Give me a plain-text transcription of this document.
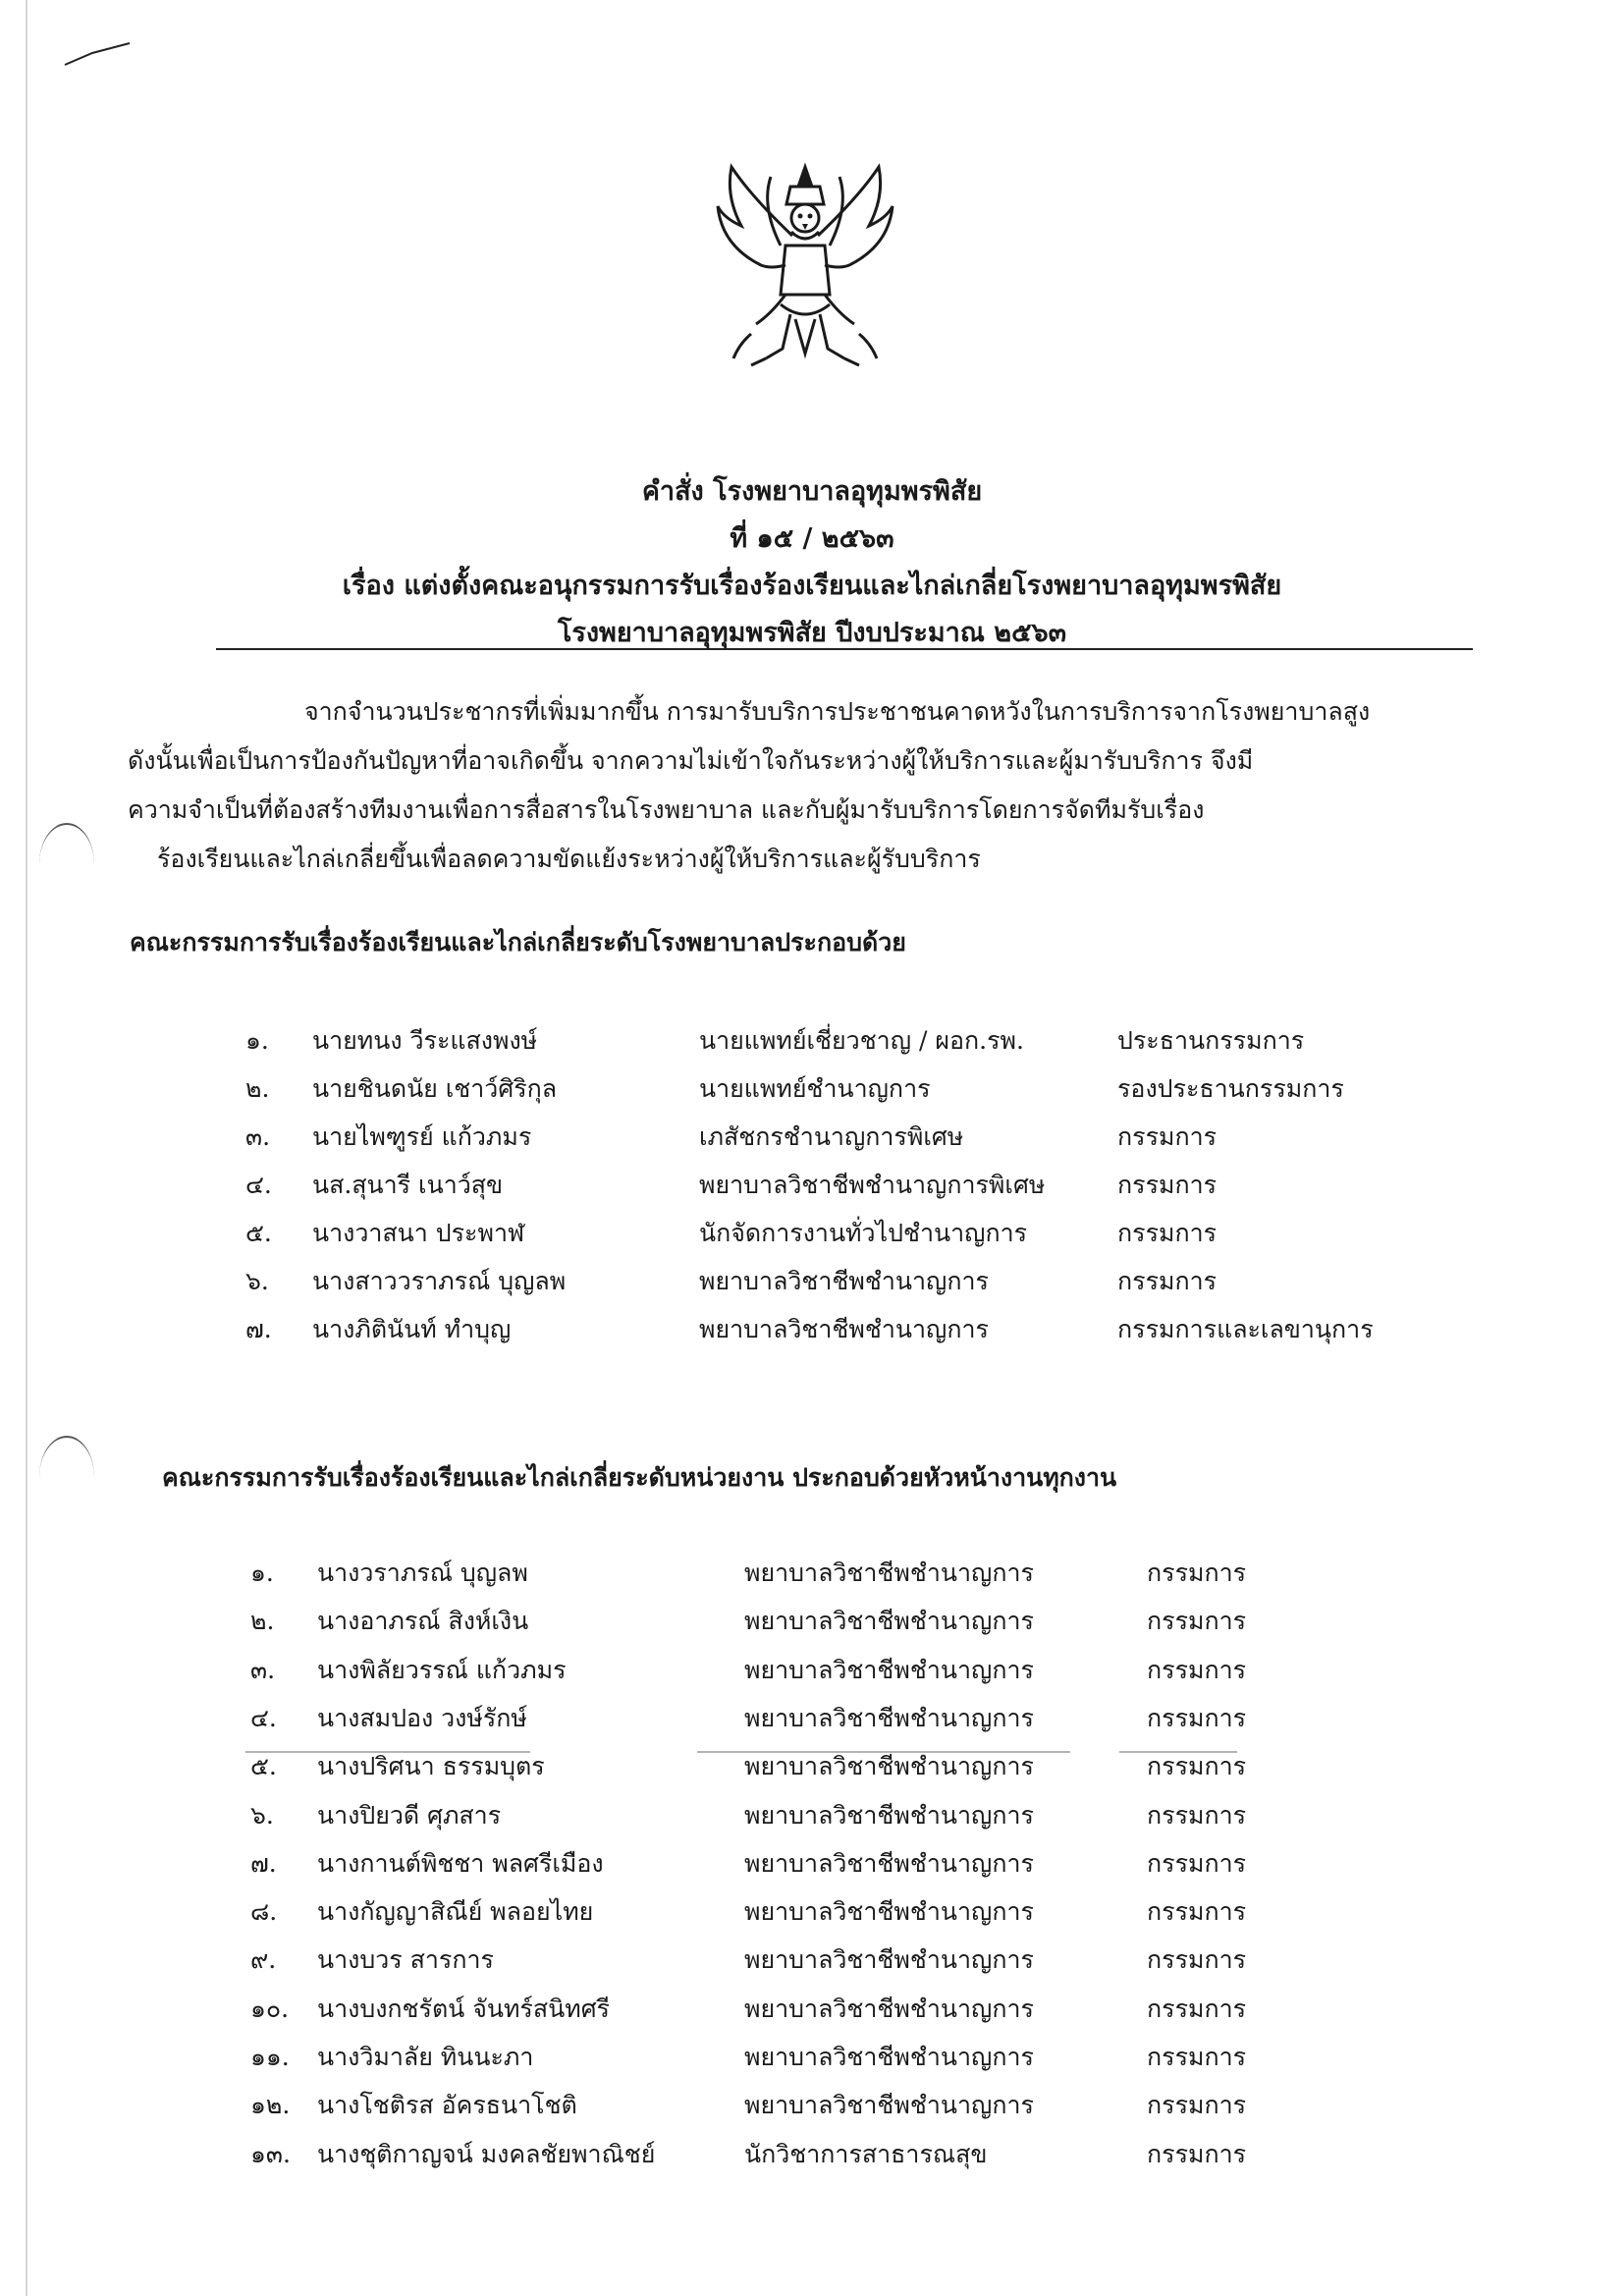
คำสั่ง โรงพยาบาลอุทุมพรพิสัย
ที่ ๑๕ / ๒๕๖๓
เรื่อง แต่งตั้งคณะอนุกรรมการรับเรื่องร้องเรียนและไกล่เกลี่ยโรงพยาบาลอุทุมพรพิสัย
โรงพยาบาลอุทุมพรพิสัย ปีงบประมาณ ๒๕๖๓
จากจำนวนประชากรที่เพิ่มมากขึ้น การมารับบริการประชาชนคาดหวังในการบริการจากโรงพยาบาลสูง
ดังนั้นเพื่อเป็นการป้องกันปัญหาที่อาจเกิดขึ้น จากความไม่เข้าใจกันระหว่างผู้ให้บริการและผู้มารับบริการ จึงมี
ความจำเป็นที่ต้องสร้างทีมงานเพื่อการสื่อสารในโรงพยาบาล และกับผู้มารับบริการโดยการจัดทีมรับเรื่อง
ร้องเรียนและไกล่เกลี่ยขึ้นเพื่อลดความขัดแย้งระหว่างผู้ให้บริการและผู้รับบริการ
คณะกรรมการรับเรื่องร้องเรียนและไกล่เกลี่ยระดับโรงพยาบาลประกอบด้วย
๑. นายทนง วีระแสงพงษ์	นายแพทย์เชี่ยวชาญ / ผอก.รพ.	ประธานกรรมการ
๒. นายชินดนัย เชาว์ศิริกุล	นายแพทย์ชำนาญการ	รองประธานกรรมการ
๓. นายไพฑูรย์ แก้วภมร	เภสัชกรชำนาญการพิเศษ	กรรมการ
๔. นส.สุนารี เนาว์สุข	พยาบาลวิชาชีพชำนาญการพิเศษ	กรรมการ
๕. นางวาสนา ประพาฬ	นักจัดการงานทั่วไปชำนาญการ	กรรมการ
๖. นางสาววราภรณ์ บุญลพ	พยาบาลวิชาชีพชำนาญการ	กรรมการ
๗. นางภิตินันท์ ทำบุญ	พยาบาลวิชาชีพชำนาญการ	กรรมการและเลขานุการ
คณะกรรมการรับเรื่องร้องเรียนและไกล่เกลี่ยระดับหน่วยงาน ประกอบด้วยหัวหน้างานทุกงาน
๑. นางวราภรณ์ บุญลพ	พยาบาลวิชาชีพชำนาญการ	กรรมการ
๒. นางอาภรณ์ สิงห์เงิน	พยาบาลวิชาชีพชำนาญการ	กรรมการ
๓. นางพิลัยวรรณ์ แก้วภมร	พยาบาลวิชาชีพชำนาญการ	กรรมการ
๔. นางสมปอง วงษ์รักษ์	พยาบาลวิชาชีพชำนาญการ	กรรมการ
๕. นางปริศนา ธรรมบุตร	พยาบาลวิชาชีพชำนาญการ	กรรมการ
๖. นางปิยวดี ศุภสาร	พยาบาลวิชาชีพชำนาญการ	กรรมการ
๗. นางกานต์พิชชา พลศรีเมือง	พยาบาลวิชาชีพชำนาญการ	กรรมการ
๘. นางกัญญาสิณีย์ พลอยไทย	พยาบาลวิชาชีพชำนาญการ	กรรมการ
๙. นางบวร สารการ	พยาบาลวิชาชีพชำนาญการ	กรรมการ
๑๐. นางบงกชรัตน์ จันทร์สนิทศรี	พยาบาลวิชาชีพชำนาญการ	กรรมการ
๑๑. นางวิมาลัย ทินนะภา	พยาบาลวิชาชีพชำนาญการ	กรรมการ
๑๒. นางโชติรส อัครธนาโชติ	พยาบาลวิชาชีพชำนาญการ	กรรมการ
๑๓. นางชุติกาญจน์ มงคลชัยพาณิชย์	นักวิชาการสาธารณสุข	กรรมการ
